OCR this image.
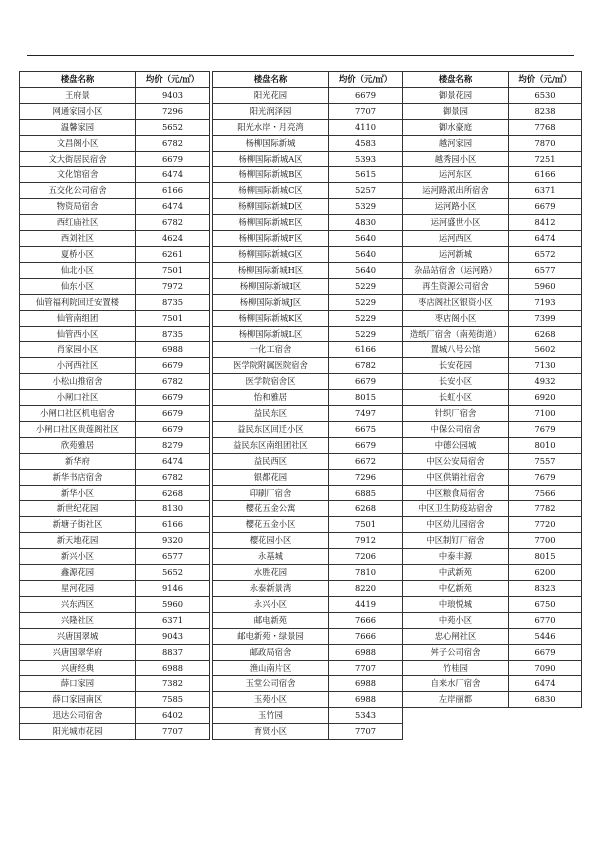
楼盘名称	均价（元/㎡）
王府景	9403
网通家园小区	7296
温馨家园	5652
文昌阁小区	6782
文大街居民宿舍	6679
文化馆宿舍	6474
五交化公司宿舍	6166
物资局宿舍	6474
西红庙社区	6782
西刘社区	4624
夏桥小区	6261
仙北小区	7501
仙东小区	7972
仙管福利院回迁安置楼	8735
仙管南组团	7501
仙管西小区	8735
肖家园小区	6988
小河西社区	6679
小松山推宿舍	6782
小闸口社区	6679
小闸口社区机电宿舍	6679
小闸口社区贵莲阁社区	6679
欣苑雅居	8279
新华府	6474
新华书店宿舍	6782
新华小区	6268
新世纪花园	8130
新塘子街社区	6166
新天地花园	9320
新兴小区	6577
鑫源花园	5652
星河花园	9146
兴东西区	5960
兴隆社区	6371
兴唐国翠城	9043
兴唐国翠华府	8837
兴唐经典	6988
薛口家园	7382
薛口家园南区	7585
迅达公司宿舍	6402
阳光城市花园	7707
楼盘名称	均价（元/㎡）
阳光花园	6679
阳光润泽园	7707
阳光水岸・月亮湾	4110
杨柳国际新城	4583
杨柳国际新城A区	5393
杨柳国际新城B区	5615
杨柳国际新城C区	5257
杨柳国际新城D区	5329
杨柳国际新城E区	4830
杨柳国际新城F区	5640
杨柳国际新城G区	5640
杨柳国际新城H区	5640
杨柳国际新城I区	5229
杨柳国际新城J区	5229
杨柳国际新城K区	5229
杨柳国际新城L区	5229
一化工宿舍	6166
医学院附属医院宿舍	6782
医学院宿舍区	6679
怡和雅居	8015
益民东区	7497
益民东区回迁小区	6675
益民东区南组团社区	6679
益民西区	6672
银都花园	7296
印刷厂宿舍	6885
樱花五金公寓	6268
樱花五金小区	7501
樱花园小区	7912
永基城	7206
水胜花园	7810
永泰新景湾	8220
永兴小区	4419
邮电新苑	7666
邮电新苑・绿景园	7666
邮政局宿舍	6988
渔山南片区	7707
玉堂公司宿舍	6988
玉苑小区	6988
玉竹园	5343
育贤小区	7707
楼盘名称	均价（元/㎡）
御景花园	6530
御景园	8238
御水豪庭	7768
越河家园	7870
越秀园小区	7251
运河东区	6166
运河路派出所宿舍	6371
运河路小区	6679
运河盛世小区	8412
运河西区	6474
运河新城	6572
杂品站宿舍（运河路）	6577
再生资源公司宿舍	5960
枣店阁社区银资小区	7193
枣店阁小区	7399
造纸厂宿舍（南苑街道）	6268
置城八号公馆	5602
长安花园	7130
长安小区	4932
长虹小区	6920
针织厂宿舍	7100
中保公司宿舍	7679
中德公园城	8010
中区公安局宿舍	7557
中区供销社宿舍	7679
中区粮食局宿舍	7566
中区卫生防疫站宿舍	7782
中区幼儿园宿舍	7720
中区制钉厂宿舍	7700
中泰丰源	8015
中武新苑	6200
中亿新苑	8323
中琅悦城	6750
中苑小区	6770
忠心闸社区	5446
舛子公司宿舍	6679
竹桂园	7090
自来水厂宿舍	6474
左岸丽都	6830
